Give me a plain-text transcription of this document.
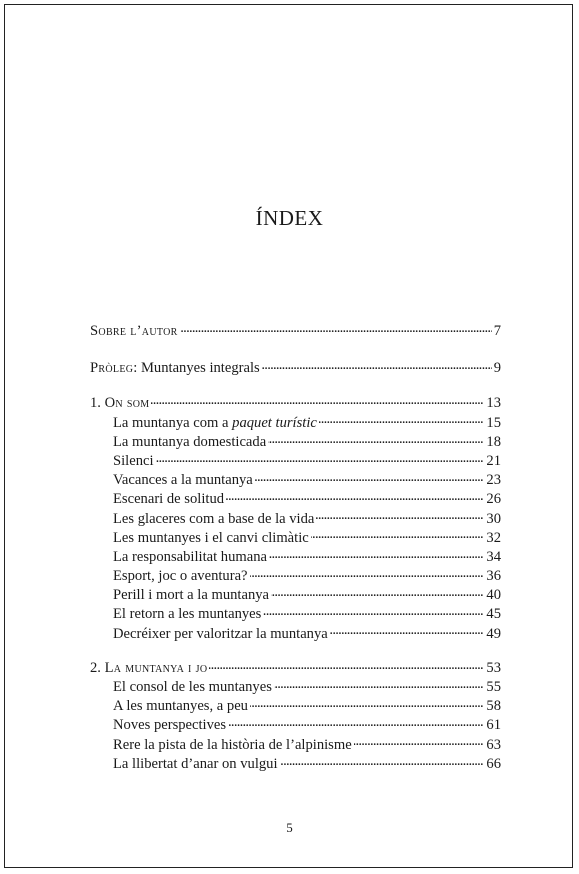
ÍNDEX
Sobre l’autor . . .	7
Pròleg: Muntanyes integrals . . .	9
1. On som . . .	13
La muntanya com a paquet turístic . . .	15
La muntanya domesticada . . .	18
Silenci . . .	21
Vacances a la muntanya . . .	23
Escenari de solitud . . .	26
Les glaceres com a base de la vida . . .	30
Les muntanyes i el canvi climàtic . . .	32
La responsabilitat humana . . .	34
Esport, joc o aventura? . . .	36
Perill i mort a la muntanya . . .	40
El retorn a les muntanyes . . .	45
Decréixer per valoritzar la muntanya . . .	49
2. La muntanya i jo . . .	53
El consol de les muntanyes . . .	55
A les muntanyes, a peu . . .	58
Noves perspectives . . .	61
Rere la pista de la història de l’alpinisme . . .	63
La llibertat d’anar on vulgui . . .	66
5
